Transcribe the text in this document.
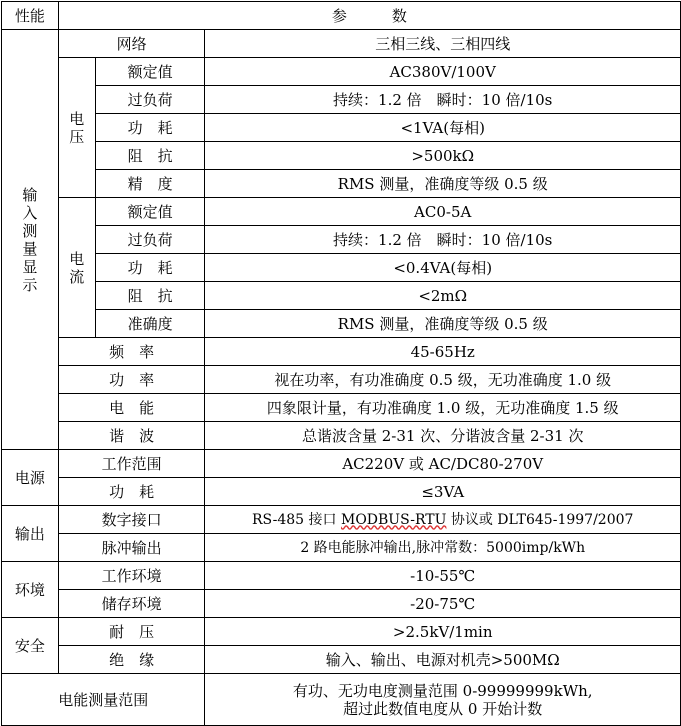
性能	参　　　数		

输入测量显示	网络		三相三线、三相四线

	电压	额定值	AC380V/100V
		过负荷	持续：1.2 倍　瞬时：10 倍/10s
		功　耗	<1VA(每相)
		阻　抗	>500kΩ
		精　度	RMS 测量，准确度等级 0.5 级

	电流	额定值	AC0-5A
		过负荷	持续：1.2 倍　瞬时：10 倍/10s
		功　耗	<0.4VA(每相)
		阻　抗	<2mΩ
		准确度	RMS 测量，准确度等级 0.5 级
	频　率		45-65Hz
	功　率		视在功率，有功准确度 0.5 级，无功准确度 1.0 级
	电　能		四象限计量，有功准确度 1.0 级，无功准确度 1.5 级
	谐　波		总谐波含量 2-31 次、分谐波含量 2-31 次
电源	工作范围		AC220V 或 AC/DC80-270V
	功　耗		≤3VA
输出	数字接口		RS-485 接口 MODBUS-RTU 协议或 DLT645-1997/2007
	脉冲输出		2 路电能脉冲输出,脉冲常数：5000imp/kWh
环境	工作环境		-10-55℃
	储存环境		-20-75℃
安全	耐　压		>2.5kV/1min
	绝　缘		输入、输出、电源对机壳>500MΩ
电能测量范围			有功、无功电度测量范围 0-99999999kWh,
超过此数值电度从 0 开始计数
